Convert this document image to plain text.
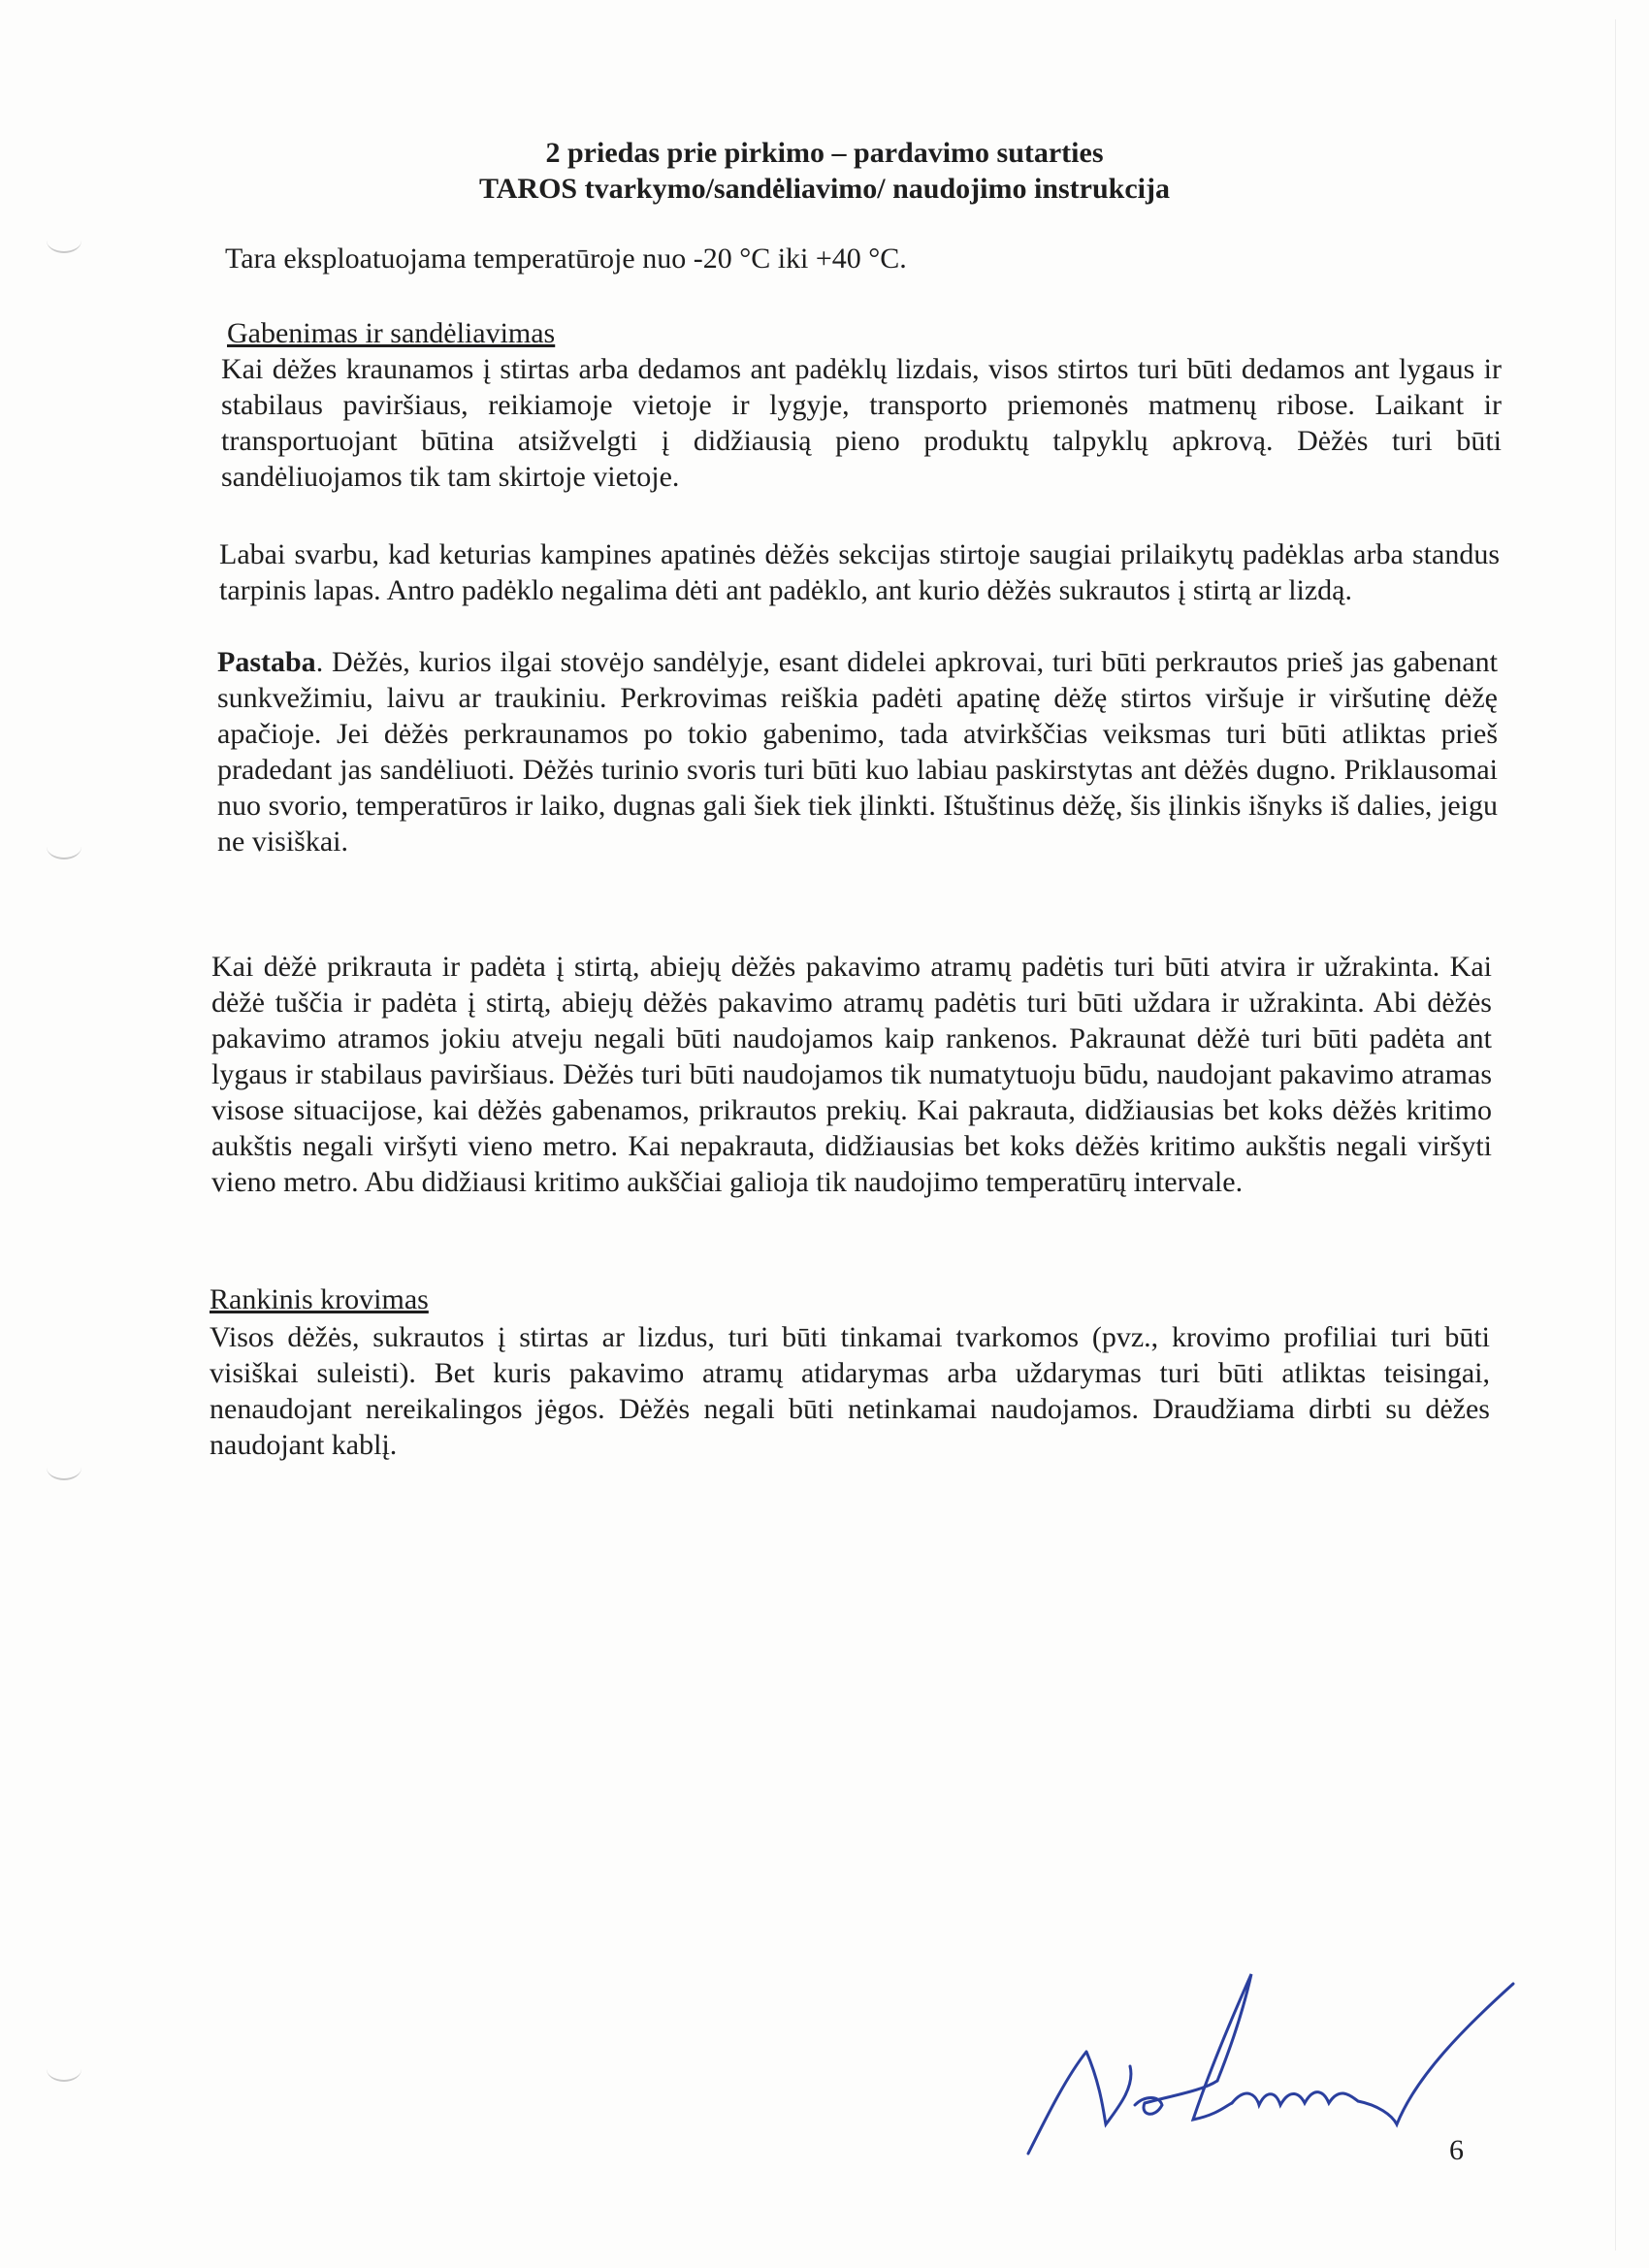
2 priedas prie pirkimo – pardavimo sutarties
TAROS tvarkymo/sandėliavimo/ naudojimo instrukcija
Tara eksploatuojama temperatūroje nuo -20 °C iki +40 °C.
Gabenimas ir sandėliavimas

Kai dėžes kraunamos į stirtas arba dedamos ant padėklų lizdais, visos stirtos turi būti dedamos ant lygaus ir stabilaus paviršiaus, reikiamoje vietoje ir lygyje, transporto priemonės matmenų ribose. Laikant ir transportuojant būtina atsižvelgti į didžiausią pieno produktų talpyklų apkrovą. Dėžės turi būti sandėliuojamos tik tam skirtoje vietoje.

Labai svarbu, kad keturias kampines apatinės dėžės sekcijas stirtoje saugiai prilaikytų padėklas arba standus tarpinis lapas. Antro padėklo negalima dėti ant padėklo, ant kurio dėžės sukrautos į stirtą ar lizdą.

Pastaba. Dėžės, kurios ilgai stovėjo sandėlyje, esant didelei apkrovai, turi būti perkrautos prieš jas gabenant sunkvežimiu, laivu ar traukiniu. Perkrovimas reiškia padėti apatinę dėžę stirtos viršuje ir viršutinę dėžę apačioje. Jei dėžės perkraunamos po tokio gabenimo, tada atvirkščias veiksmas turi būti atliktas prieš pradedant jas sandėliuoti. Dėžės turinio svoris turi būti kuo labiau paskirstytas ant dėžės dugno. Priklausomai nuo svorio, temperatūros ir laiko, dugnas gali šiek tiek įlinkti. Ištuštinus dėžę, šis įlinkis išnyks iš dalies, jeigu ne visiškai.

Kai dėžė prikrauta ir padėta į stirtą, abiejų dėžės pakavimo atramų padėtis turi būti atvira ir užrakinta. Kai dėžė tuščia ir padėta į stirtą, abiejų dėžės pakavimo atramų padėtis turi būti uždara ir užrakinta. Abi dėžės pakavimo atramos jokiu atveju negali būti naudojamos kaip rankenos. Pakraunat dėžė turi būti padėta ant lygaus ir stabilaus paviršiaus. Dėžės turi būti naudojamos tik numatytuoju būdu, naudojant pakavimo atramas visose situacijose, kai dėžės gabenamos, prikrautos prekių. Kai pakrauta, didžiausias bet koks dėžės kritimo aukštis negali viršyti vieno metro. Kai nepakrauta, didžiausias bet koks dėžės kritimo aukštis negali viršyti vieno metro. Abu didžiausi kritimo aukščiai galioja tik naudojimo temperatūrų intervale.

Rankinis krovimas

Visos dėžės, sukrautos į stirtas ar lizdus, turi būti tinkamai tvarkomos (pvz., krovimo profiliai turi būti visiškai suleisti). Bet kuris pakavimo atramų atidarymas arba uždarymas turi būti atliktas teisingai, nenaudojant nereikalingos jėgos. Dėžės negali būti netinkamai naudojamos. Draudžiama dirbti su dėžes naudojant kablį.

6
